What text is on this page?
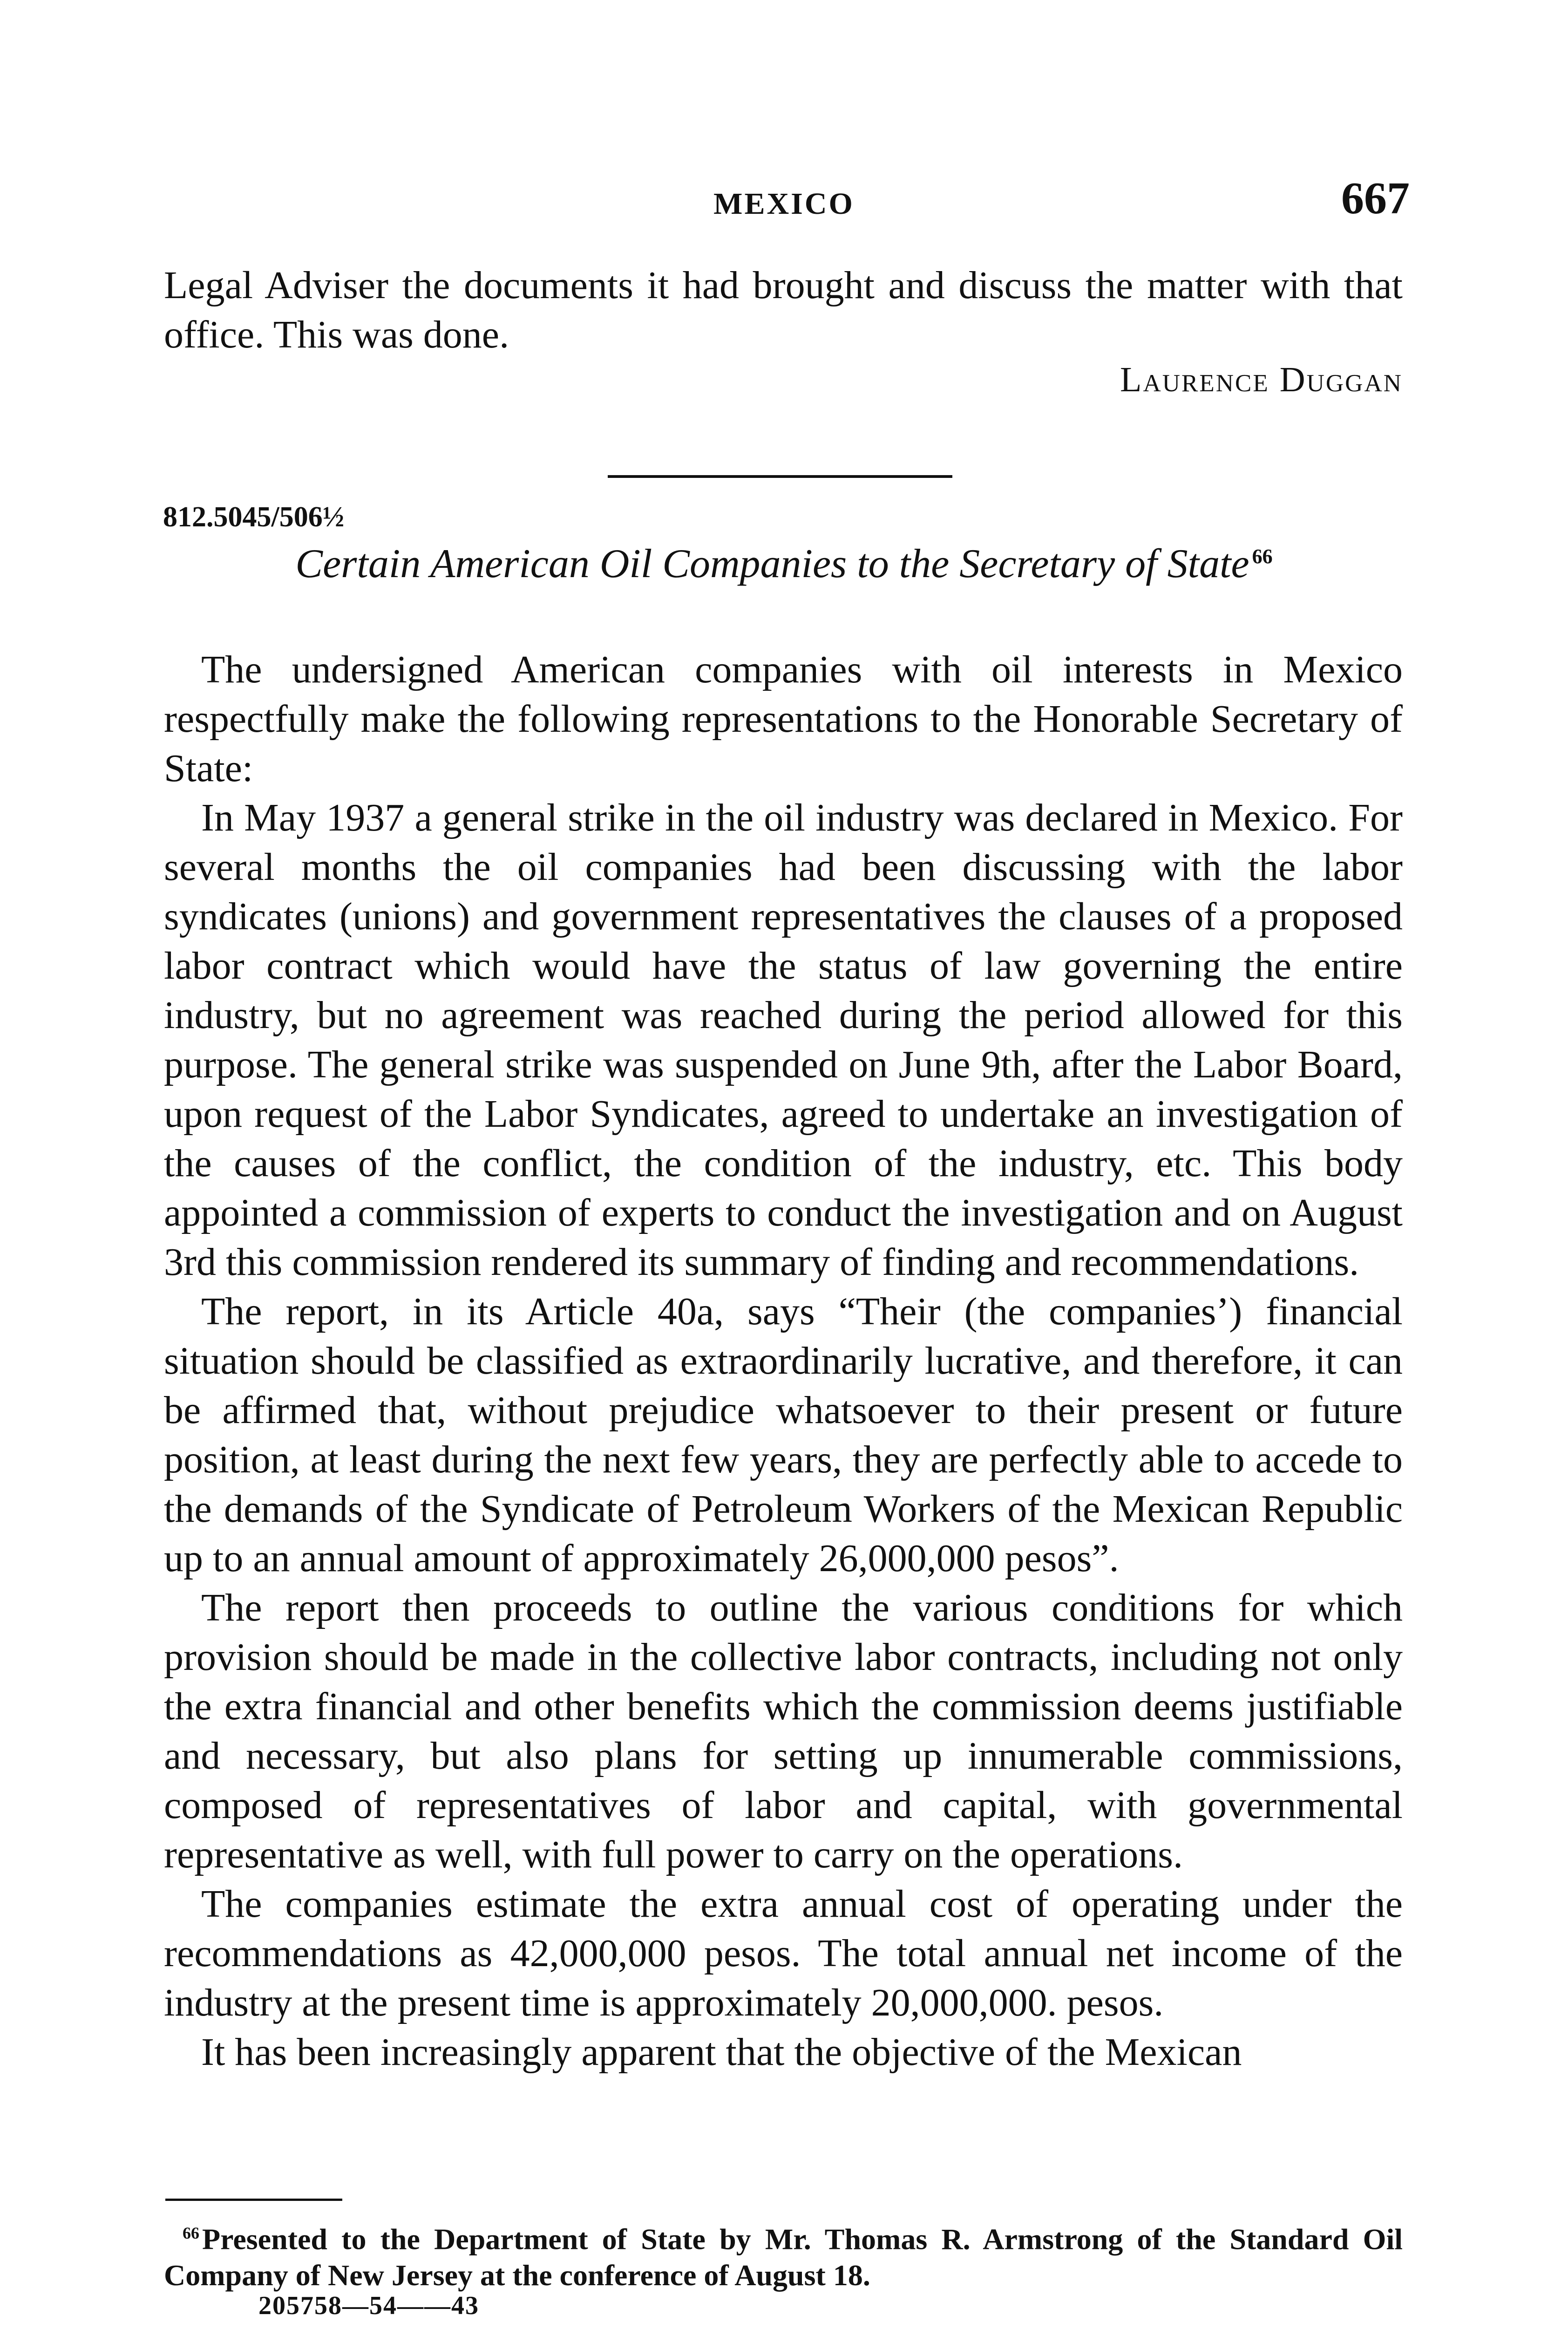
MEXICO	667
Legal Adviser the documents it had brought and discuss the matter with that office. This was done.
Laurence Duggan
812.5045/506½
Certain American Oil Companies to the Secretary of State $^{66}$

The undersigned American companies with oil interests in Mexico respectfully make the following representations to the Honorable Secretary of State:

In May 1937 a general strike in the oil industry was declared in Mexico. For several months the oil companies had been discussing with the labor syndicates (unions) and government representatives the clauses of a proposed labor contract which would have the status of law governing the entire industry, but no agreement was reached during the period allowed for this purpose. The general strike was suspended on June 9th, after the Labor Board, upon request of the Labor Syndicates, agreed to undertake an investigation of the causes of the conflict, the condition of the industry, etc. This body appointed a commission of experts to conduct the investigation and on August 3rd this commission rendered its summary of finding and recommendations.

The report, in its Article 40a, says “Their (the companies’) financial situation should be classified as extraordinarily lucrative, and therefore, it can be affirmed that, without prejudice whatsoever to their present or future position, at least during the next few years, they are perfectly able to accede to the demands of the Syndicate of Petroleum Workers of the Mexican Republic up to an annual amount of approximately 26,000,000 pesos”.

The report then proceeds to outline the various conditions for which provision should be made in the collective labor contracts, including not only the extra financial and other benefits which the commission deems justifiable and necessary, but also plans for setting up innumerable commissions, composed of representatives of labor and capital, with governmental representative as well, with full power to carry on the operations.

The companies estimate the extra annual cost of operating under the recommendations as 42,000,000 pesos. The total annual net income of the industry at the present time is approximately 20,000,000. pesos.

It has been increasingly apparent that the objective of the Mexican

$^{66}$Presented to the Department of State by Mr. Thomas R. Armstrong of the Standard Oil Company of New Jersey at the conference of August 18.
205758—54——43
